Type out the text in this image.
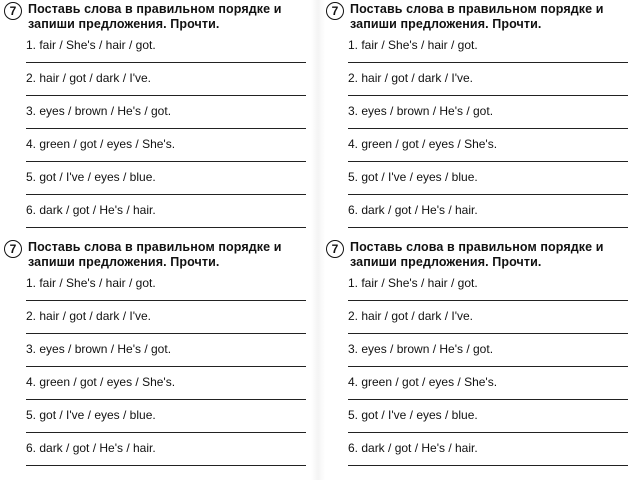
7 Поставь слова в правильном порядке и запиши предложения. Прочти.
1. fair / She's / hair / got.
2. hair / got / dark / I've.
3. eyes / brown / He's / got.
4. green / got / eyes / She's.
5. got / I've / eyes / blue.
6. dark / got / He's / hair.
7 Поставь слова в правильном порядке и запиши предложения. Прочти.
1. fair / She's / hair / got.
2. hair / got / dark / I've.
3. eyes / brown / He's / got.
4. green / got / eyes / She's.
5. got / I've / eyes / blue.
6. dark / got / He's / hair.
7 Поставь слова в правильном порядке и запиши предложения. Прочти.
1. fair / She's / hair / got.
2. hair / got / dark / I've.
3. eyes / brown / He's / got.
4. green / got / eyes / She's.
5. got / I've / eyes / blue.
6. dark / got / He's / hair.
7 Поставь слова в правильном порядке и запиши предложения. Прочти.
1. fair / She's / hair / got.
2. hair / got / dark / I've.
3. eyes / brown / He's / got.
4. green / got / eyes / She's.
5. got / I've / eyes / blue.
6. dark / got / He's / hair.
